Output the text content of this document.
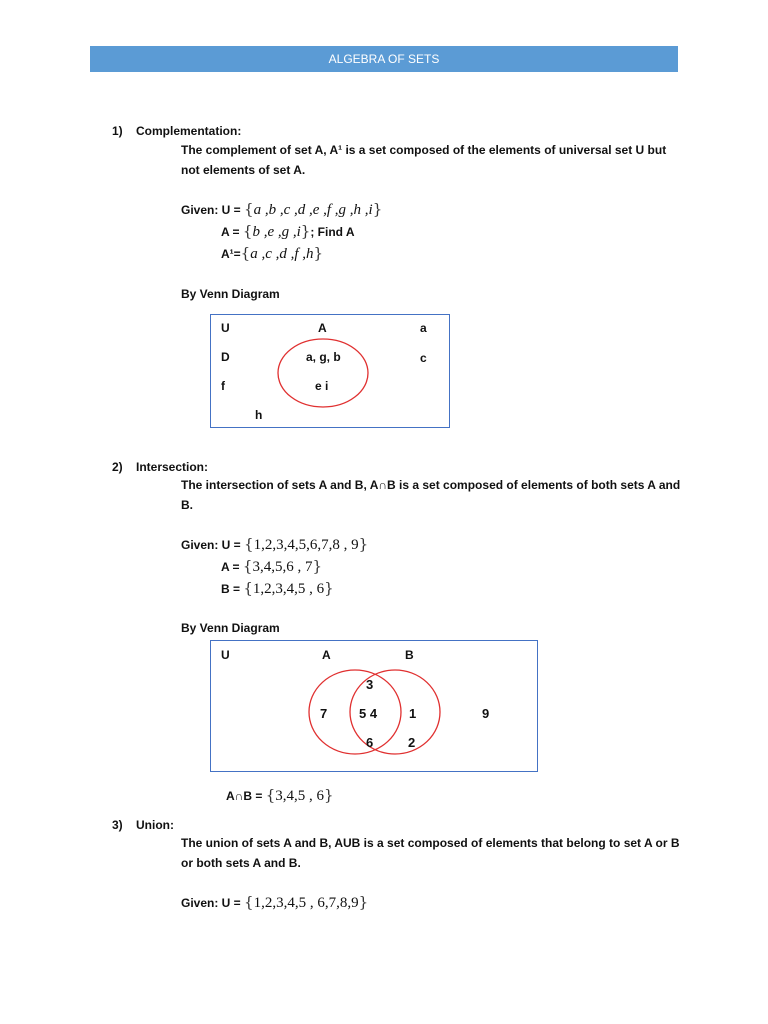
ALGEBRA OF SETS
1) Complementation:
The complement of set A, A¹ is a set composed of the elements of universal set U but
not elements of set A.
Given: U = {a ,b ,c ,d ,e ,f ,g ,h ,i}
A = {b ,e ,g ,i}; Find A
A¹={a ,c ,d ,f ,h}
By Venn Diagram
U	A	a
D	a, g, b	c
f	e i
h
2) Intersection:
The intersection of sets A and B, A∩B is a set composed of elements of both sets A and
B.
Given: U = {1,2,3,4,5,6,7,8 , 9}
A = {3,4,5,6 , 7}
B = {1,2,3,4,5 , 6}
By Venn Diagram
U	A	B
3
7 5 4 1	9
6	2
A∩B = {3,4,5 , 6}
3) Union:
The union of sets A and B, AUB is a set composed of elements that belong to set A or B
or both sets A and B.
Given: U = {1,2,3,4,5 , 6,7,8,9}
